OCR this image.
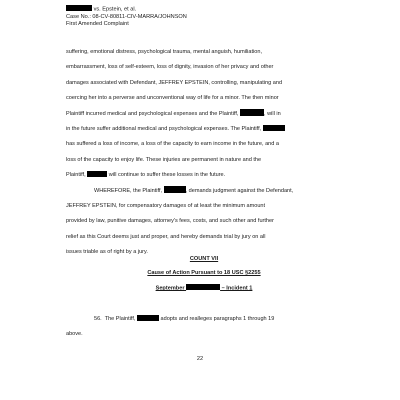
vs. Epstein, et al.
Case No.: 08-CV-80811-CIV-MARRA/JOHNSON
First Amended Complaint
suffering, emotional distress, psychological trauma, mental anguish, humiliation,
embarrassment, loss of self-esteem, loss of dignity, invasion of her privacy and other
damages associated with Defendant, JEFFREY EPSTEIN, controlling, manipulating and
coercing her into a perverse and unconventional way of life for a minor. The then minor
Plaintiff incurred medical and psychological expenses and the Plaintiff,	, will in
in the future suffer additional medical and psychological expenses. The Plaintiff,
has suffered a loss of income, a loss of the capacity to earn income in the future, and a
loss of the capacity to enjoy life. These injuries are permanent in nature and the
Plaintiff,	will continue to suffer these losses in the future.
WHEREFORE, the Plaintiff,	, demands judgment against the Defendant,
JEFFREY EPSTEIN, for compensatory damages of at least the minimum amount
provided by law, punitive damages, attorney's fees, costs, and such other and further
relief as this Court deems just and proper, and hereby demands trial by jury on all
issues triable as of right by a jury.
COUNT VII
Cause of Action Pursuant to 18 USC §2255
September	– Incident 1
56. The Plaintiff,	adopts and realleges paragraphs 1 through 19
above.
22
